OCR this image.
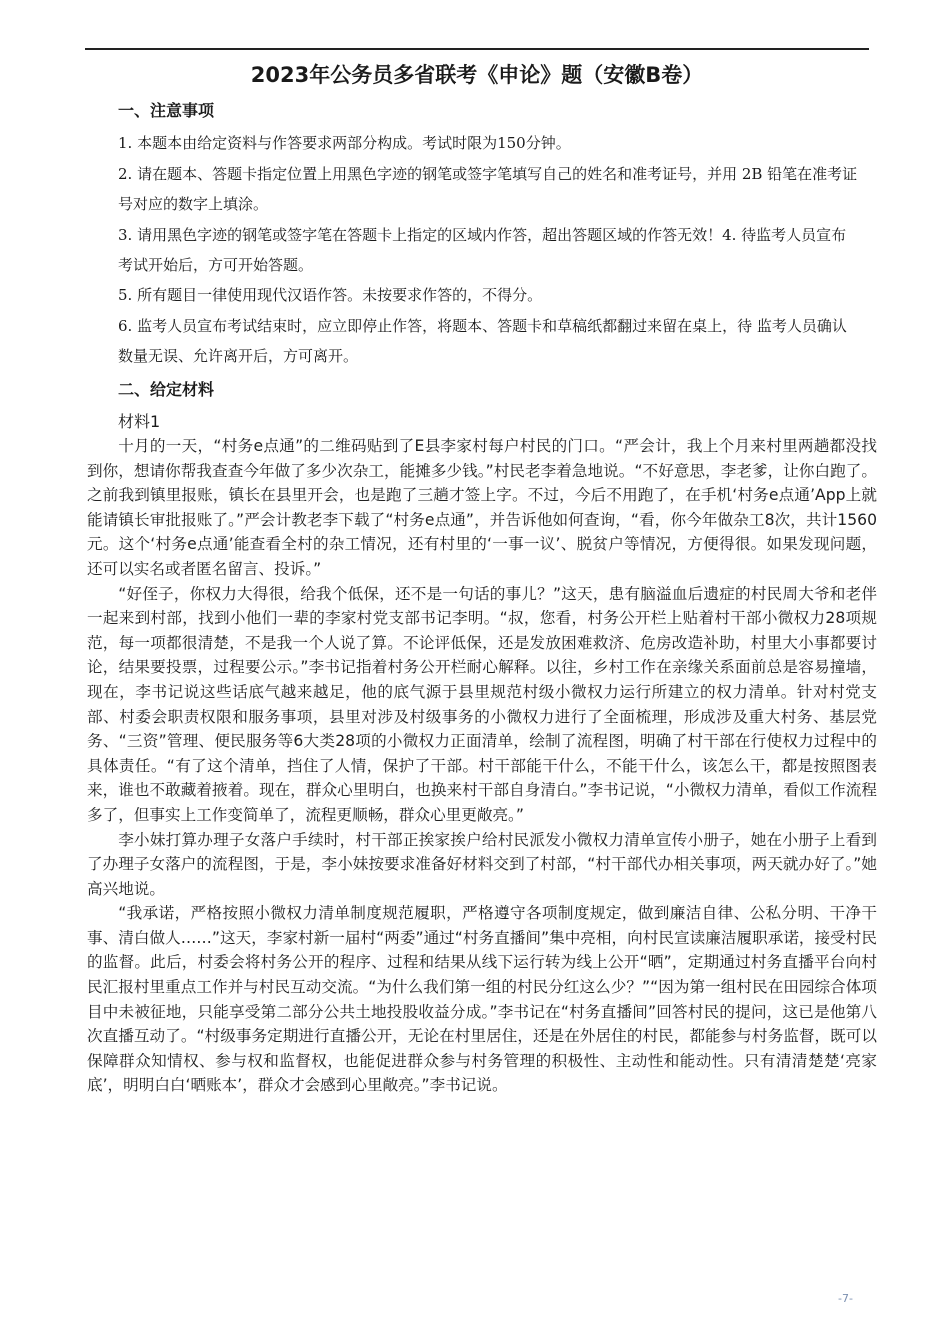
2023年公务员多省联考《申论》题（安徽B卷）
一、注意事项
1. 本题本由给定资料与作答要求两部分构成。考试时限为150分钟。
2. 请在题本、答题卡指定位置上用黑色字迹的钢笔或签字笔填写自己的姓名和准考证号，并用 2B 铅笔在准考证号对应的数字上填涂。
3. 请用黑色字迹的钢笔或签字笔在答题卡上指定的区域内作答，超出答题区域的作答无效！4. 待监考人员宣布考试开始后，方可开始答题。
5. 所有题目一律使用现代汉语作答。未按要求作答的，不得分。
6. 监考人员宣布考试结束时，应立即停止作答，将题本、答题卡和草稿纸都翻过来留在桌上，待 监考人员确认数量无误、允许离开后，方可离开。
二、给定材料
材料1

十月的一天，“村务e点通”的二维码贴到了E县李家村每户村民的门口。“严会计，我上个月来村里两趟都没找到你，想请你帮我查查今年做了多少次杂工，能摊多少钱。”村民老李着急地说。“不好意思，李老爹，让你白跑了。之前我到镇里报账，镇长在县里开会，也是跑了三趟才签上字。不过，今后不用跑了，在手机‘村务e点通’App上就能请镇长审批报账了。”严会计教老李下载了“村务e点通”，并告诉他如何查询，“看，你今年做杂工8次，共计1560元。这个‘村务e点通’能查看全村的杂工情况，还有村里的‘一事一议’、脱贫户等情况，方便得很。如果发现问题，还可以实名或者匿名留言、投诉。”

“好侄子，你权力大得很，给我个低保，还不是一句话的事儿？”这天，患有脑溢血后遗症的村民周大爷和老伴一起来到村部，找到小他们一辈的李家村党支部书记李明。“叔，您看，村务公开栏上贴着村干部小微权力28项规范，每一项都很清楚，不是我一个人说了算。不论评低保，还是发放困难救济、危房改造补助，村里大小事都要讨论，结果要投票，过程要公示。”李书记指着村务公开栏耐心解释。以往，乡村工作在亲缘关系面前总是容易撞墙，现在，李书记说这些话底气越来越足，他的底气源于县里规范村级小微权力运行所建立的权力清单。针对村党支部、村委会职责权限和服务事项，县里对涉及村级事务的小微权力进行了全面梳理，形成涉及重大村务、基层党务、“三资”管理、便民服务等6大类28项的小微权力正面清单，绘制了流程图，明确了村干部在行使权力过程中的具体责任。“有了这个清单，挡住了人情，保护了干部。村干部能干什么，不能干什么，该怎么干，都是按照图表来，谁也不敢藏着掖着。现在，群众心里明白，也换来村干部自身清白。”李书记说，“小微权力清单，看似工作流程多了，但事实上工作变简单了，流程更顺畅，群众心里更敞亮。”

李小妹打算办理子女落户手续时，村干部正挨家挨户给村民派发小微权力清单宣传小册子，她在小册子上看到了办理子女落户的流程图，于是，李小妹按要求准备好材料交到了村部，“村干部代办相关事项，两天就办好了。”她高兴地说。

“我承诺，严格按照小微权力清单制度规范履职，严格遵守各项制度规定，做到廉洁自律、公私分明、干净干事、清白做人……”这天，李家村新一届村“两委”通过“村务直播间”集中亮相，向村民宣读廉洁履职承诺，接受村民的监督。此后，村委会将村务公开的程序、过程和结果从线下运行转为线上公开“晒”，定期通过村务直播平台向村民汇报村里重点工作并与村民互动交流。“为什么我们第一组的村民分红这么少？”“因为第一组村民在田园综合体项目中未被征地，只能享受第二部分公共土地投股收益分成。”李书记在“村务直播间”回答村民的提问，这已是他第八次直播互动了。“村级事务定期进行直播公开，无论在村里居住，还是在外居住的村民，都能参与村务监督，既可以保障群众知情权、参与权和监督权，也能促进群众参与村务管理的积极性、主动性和能动性。只有清清楚楚‘亮家底’，明明白白‘晒账本’，群众才会感到心里敞亮。”李书记说。

-7-
